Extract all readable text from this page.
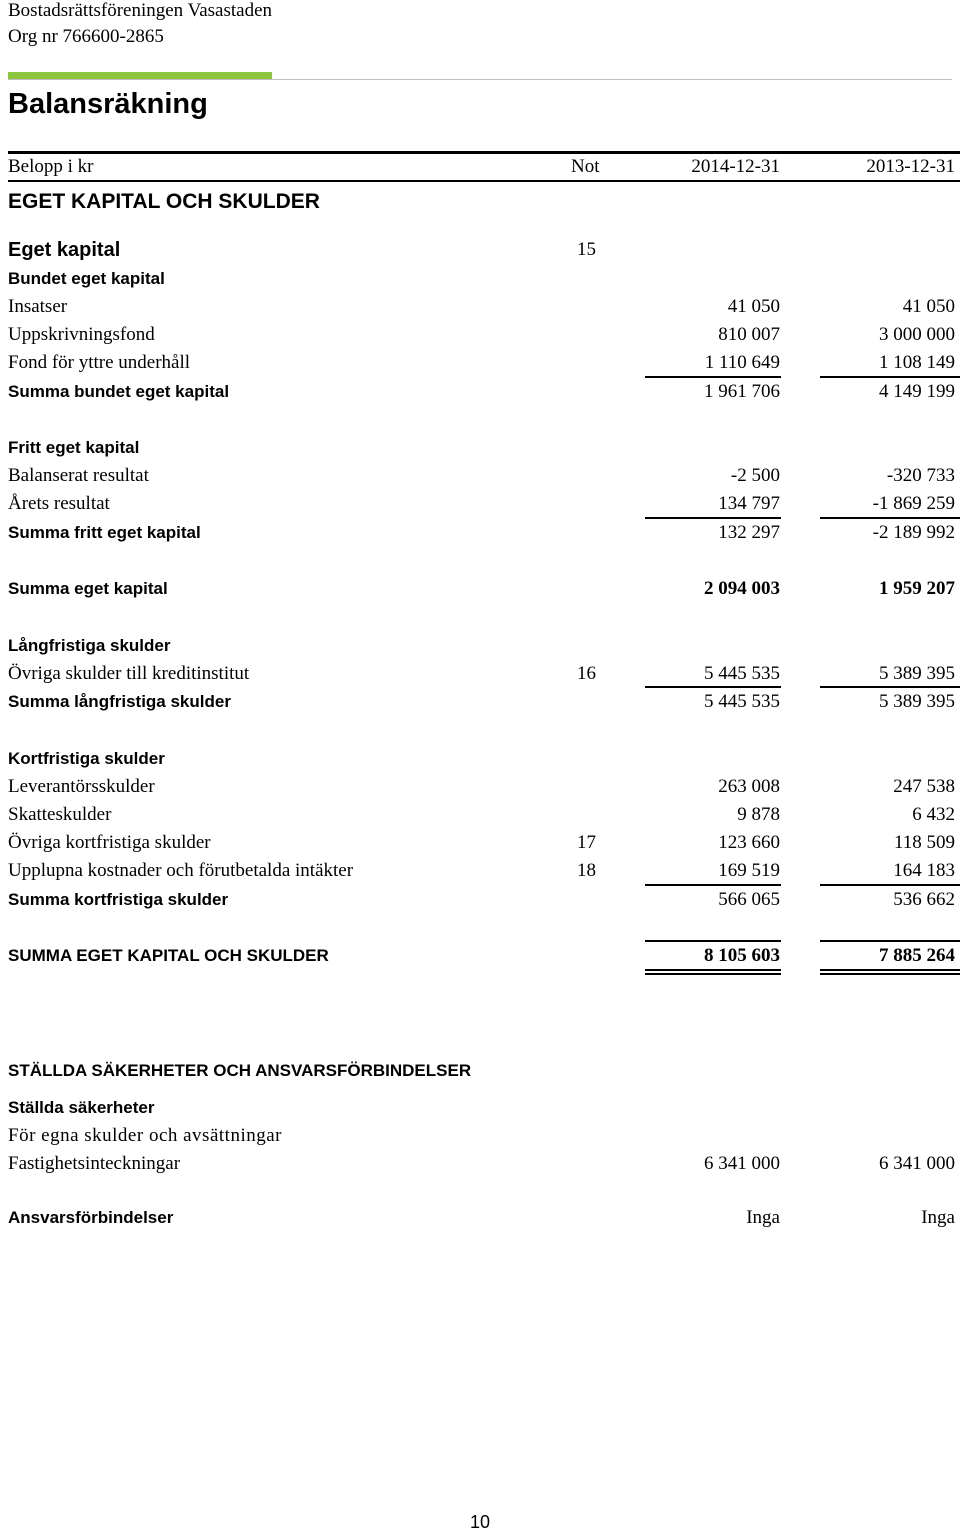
Bostadsrättsföreningen Vasastaden
Org nr 766600-2865
Balansräkning
Belopp i kr	Not	2014-12-31	2013-12-31
EGET KAPITAL OCH SKULDER
Eget kapital	15
Bundet eget kapital
Insatser	41 050	41 050
Uppskrivningsfond	810 007	3 000 000
Fond för yttre underhåll	1 110 649	1 108 149
Summa bundet eget kapital	1 961 706	4 149 199
Fritt eget kapital
Balanserat resultat	-2 500	-320 733
Årets resultat	134 797	-1 869 259
Summa fritt eget kapital	132 297	-2 189 992
Summa eget kapital	2 094 003	1 959 207
Långfristiga skulder
Övriga skulder till kreditinstitut	16	5 445 535	5 389 395
Summa långfristiga skulder	5 445 535	5 389 395
Kortfristiga skulder
Leverantörsskulder	263 008	247 538
Skatteskulder	9 878	6 432
Övriga kortfristiga skulder	17	123 660	118 509
Upplupna kostnader och förutbetalda intäkter	18	169 519	164 183
Summa kortfristiga skulder	566 065	536 662
SUMMA EGET KAPITAL OCH SKULDER	8 105 603	7 885 264
STÄLLDA SÄKERHETER OCH ANSVARSFÖRBINDELSER
Ställda säkerheter
För egna skulder och avsättningar
Fastighetsinteckningar	6 341 000	6 341 000
Ansvarsförbindelser	Inga	Inga
10
